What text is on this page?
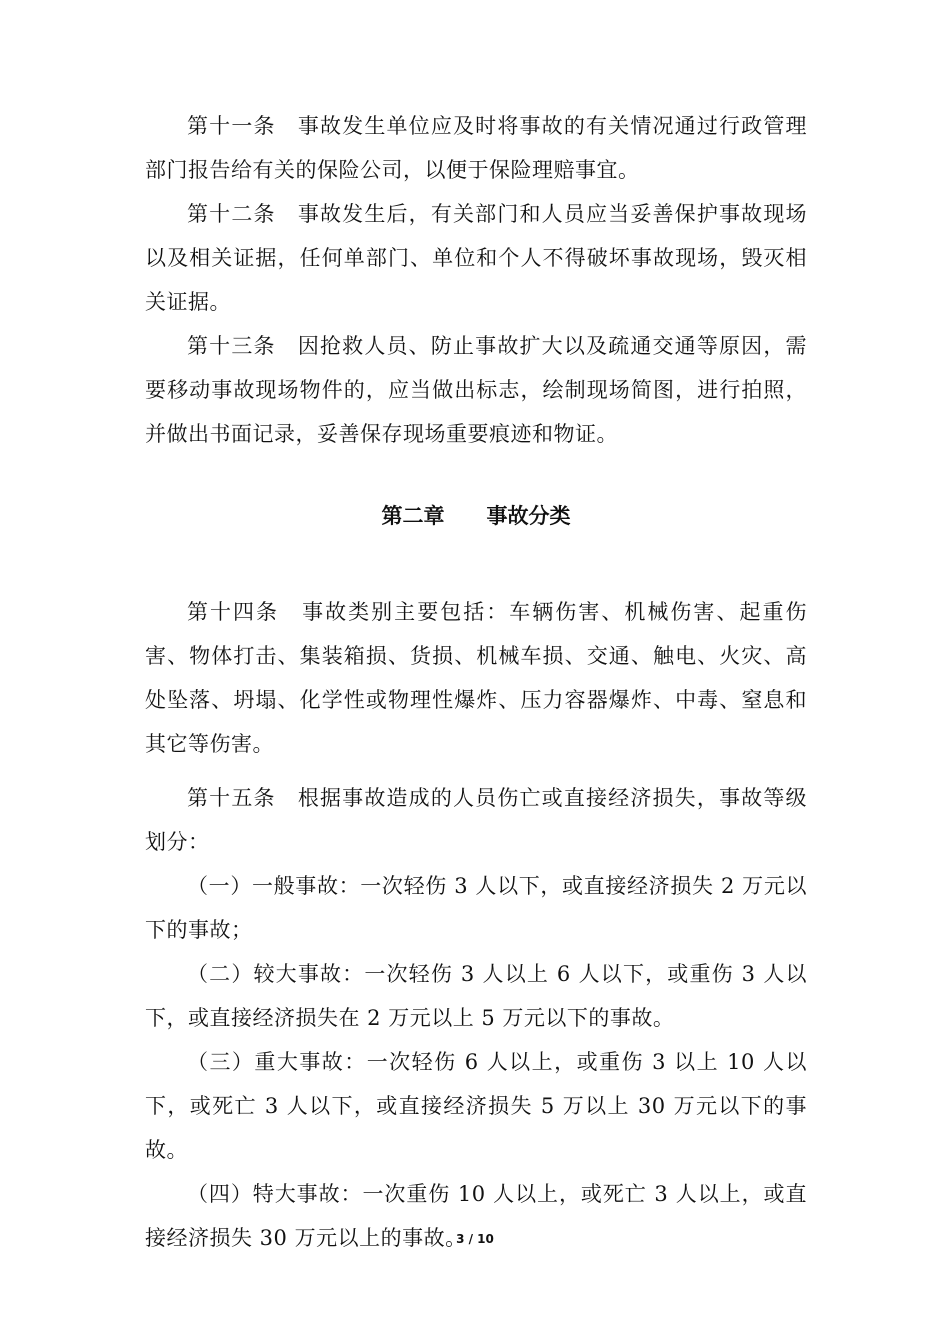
第十一条　事故发生单位应及时将事故的有关情况通过行政管理部门报告给有关的保险公司，以便于保险理赔事宜。

第十二条　事故发生后，有关部门和人员应当妥善保护事故现场以及相关证据，任何单部门、单位和个人不得破坏事故现场，毁灭相关证据。

第十三条　因抢救人员、防止事故扩大以及疏通交通等原因，需要移动事故现场物件的，应当做出标志，绘制现场简图，进行拍照，并做出书面记录，妥善保存现场重要痕迹和物证。

第二章　　事故分类

第十四条　事故类别主要包括：车辆伤害、机械伤害、起重伤害、物体打击、集装箱损、货损、机械车损、交通、触电、火灾、高处坠落、坍塌、化学性或物理性爆炸、压力容器爆炸、中毒、窒息和其它等伤害。

第十五条　根据事故造成的人员伤亡或直接经济损失，事故等级划分：

（一）一般事故：一次轻伤 3 人以下，或直接经济损失 2 万元以下的事故；

（二）较大事故：一次轻伤 3 人以上 6 人以下，或重伤 3 人以下，或直接经济损失在 2 万元以上 5 万元以下的事故。

（三）重大事故：一次轻伤 6 人以上，或重伤 3 以上 10 人以下，或死亡 3 人以下，或直接经济损失 5 万以上 30 万元以下的事故。

（四）特大事故：一次重伤 10 人以上，或死亡 3 人以上，或直接经济损失 30 万元以上的事故。

3 / 10
